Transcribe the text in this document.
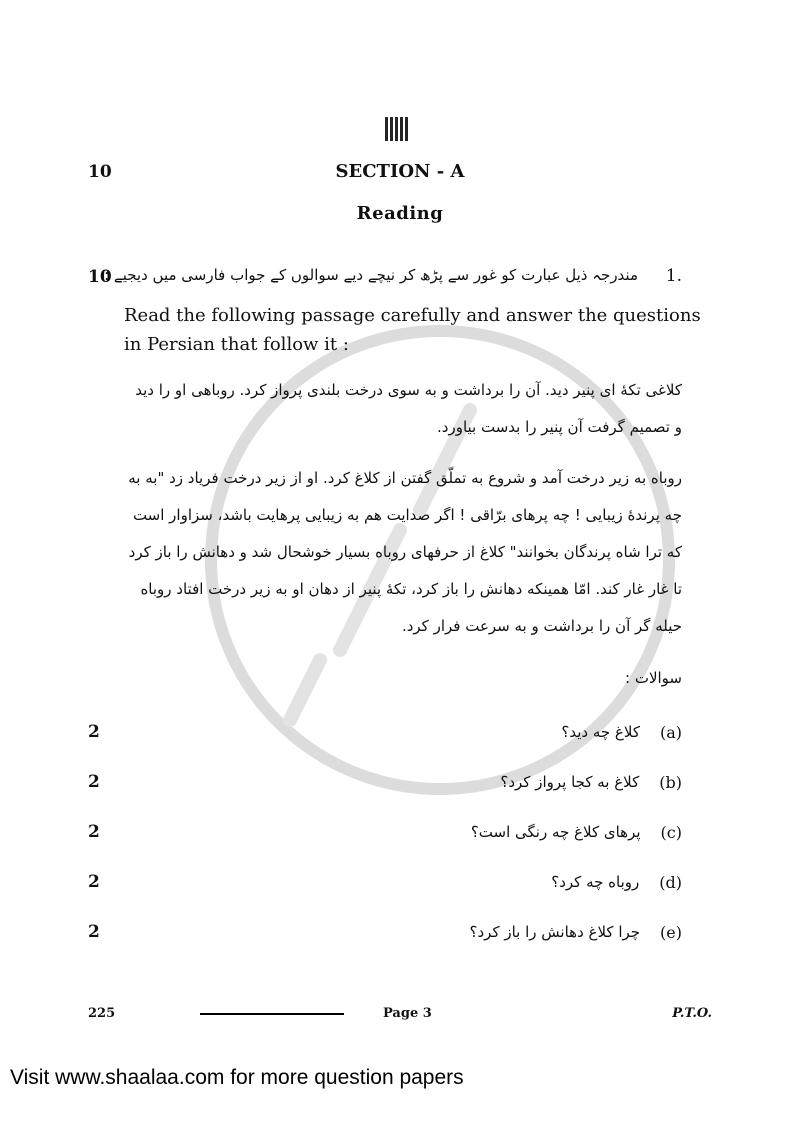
10	SECTION - A
Reading
10	.1
مندرجہ ذیل عبارت کو غور سے پڑھ کر نیچے دیے سوالوں کے جواب فارسی میں دیجیے :
Read the following passage carefully and answer the questions
in Persian that follow it :
کلاغی تکهٔ ای پنیر دید. آن را برداشت و به سوی درخت بلندی پرواز کرد. روباهی او را دید و تصمیم گرفت آن پنیر را بدست بیاورد.
روباه به زیر درخت آمد و شروع به تملّق گفتن از کلاغ کرد. او از زیر درخت فریاد زد "به به چه پرندهٔ زیبایی ! چه پرهای برّاقی ! اگر صدایت هم به زیبایی پرهایت باشد، سزاوار است که ترا شاه پرندگان بخوانند" کلاغ از حرفهای روباه بسیار خوشحال شد و دهانش را باز کرد تا غار غار کند. امّا همینکه دهانش را باز کرد، تکهٔ پنیر از دهان او به زیر درخت افتاد روباه حیله گر آن را برداشت و به سرعت فرار کرد.
سوالات :
2	(a)
کلاغ چه دید؟
2	(b)
کلاغ به کجا پرواز کرد؟
2	(c)
پرهای کلاغ چه رنگی است؟
2	(d)
روباه چه کرد؟
2	(e)
چرا کلاغ دهانش را باز کرد؟
225	Page 3	P.T.O.
Visit www.shaalaa.com for more question papers
